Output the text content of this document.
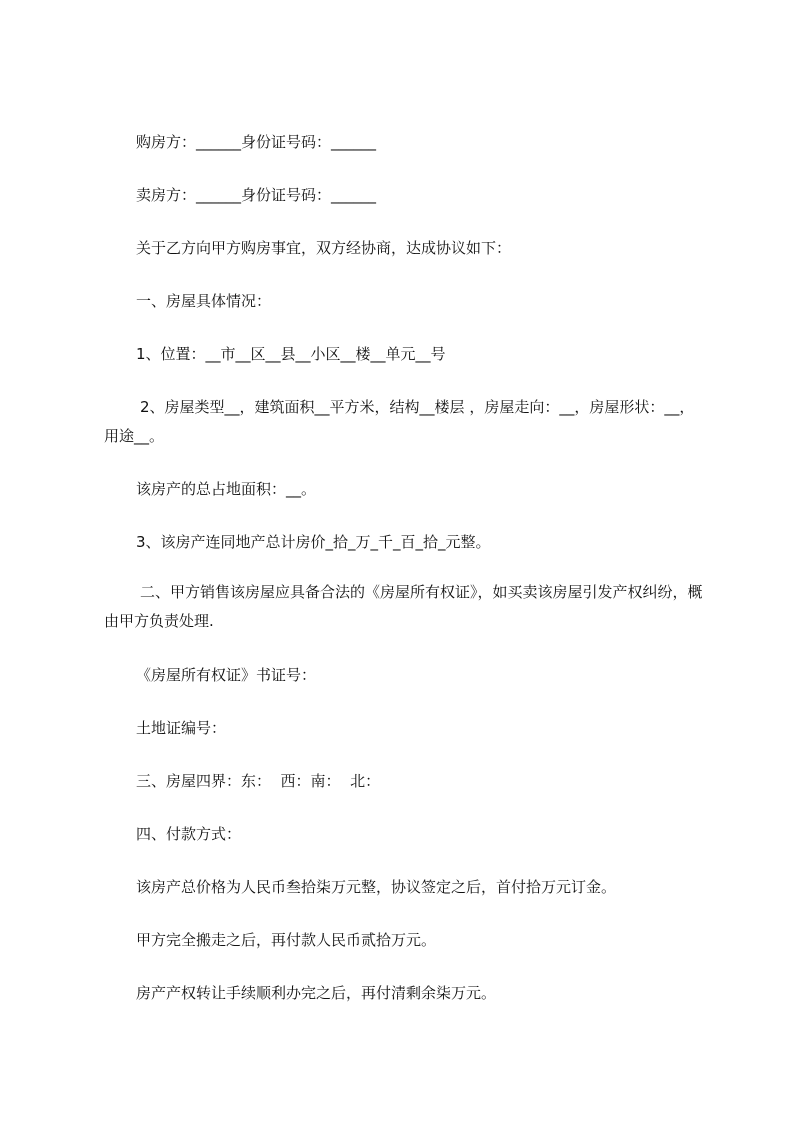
购房方：______身份证号码：______
卖房方：______身份证号码：______
关于乙方向甲方购房事宜，双方经协商，达成协议如下：
一、房屋具体情况：
1、位置：__市__区__县__小区__楼__单元__号
2、房屋类型__，建筑面积__平方米，结构__楼层 ，房屋走向：__，房屋形状：__，用途__。
该房产的总占地面积：__。
3、该房产连同地产总计房价_拾_万_千_百_拾_元整。
二、甲方销售该房屋应具备合法的《房屋所有权证》，如买卖该房屋引发产权纠纷，概由甲方负责处理.
《房屋所有权证》书证号：
土地证编号：
三、房屋四界：东：  西：南：  北：
四、付款方式：
该房产总价格为人民币叁拾柒万元整，协议签定之后，首付拾万元订金。
甲方完全搬走之后，再付款人民币贰拾万元。
房产产权转让手续顺利办完之后，再付清剩余柒万元。
